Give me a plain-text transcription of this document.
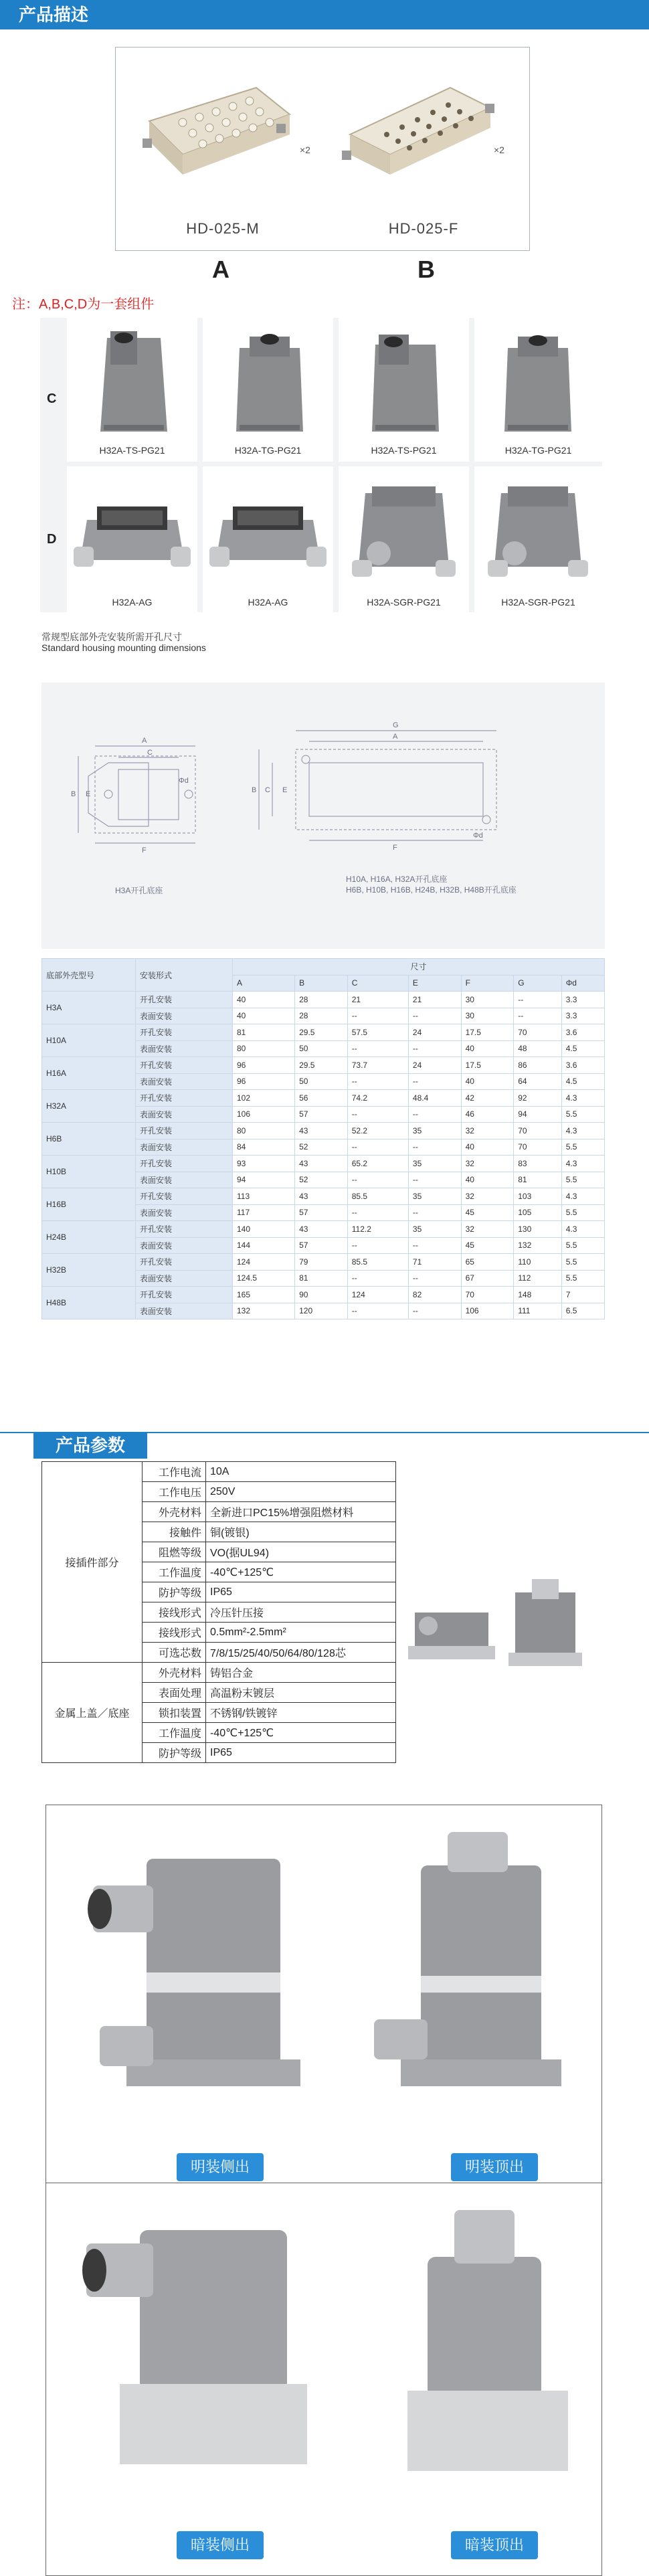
产品描述
×2	×2
HD-025-M	HD-025-F
A	B
注：A,B,C,D为一套组件
C
D
H32A-TS-PG21	H32A-TG-PG21	H32A-TS-PG21	H32A-TG-PG21
H32A-AG	H32A-AG	H32A-SGR-PG21	H32A-SGR-PG21
常规型底部外壳安装所需开孔尺寸
Standard housing mounting dimensions
A
C
B
F
E
Φd
H3A开孔底座
G
A
B C E
F
Φd
H10A, H16A, H32A开孔底座
H6B, H10B, H16B, H24B, H32B, H48B开孔底座
底部外壳型号	安装形式	尺寸						
		A	B	C	E	F	G	Φd
H3A	开孔安装	40	28	21	21	30	--	3.3
	表面安装	40	28	--	--	30	--	3.3
H10A	开孔安装	81	29.5	57.5	24	17.5	70	3.6
	表面安装	80	50	--	--	40	48	4.5
H16A	开孔安装	96	29.5	73.7	24	17.5	86	3.6
	表面安装	96	50	--	--	40	64	4.5
H32A	开孔安装	102	56	74.2	48.4	42	92	4.3
	表面安装	106	57	--	--	46	94	5.5
H6B	开孔安装	80	43	52.2	35	32	70	4.3
	表面安装	84	52	--	--	40	70	5.5
H10B	开孔安装	93	43	65.2	35	32	83	4.3
	表面安装	94	52	--	--	40	81	5.5
H16B	开孔安装	113	43	85.5	35	32	103	4.3
	表面安装	117	57	--	--	45	105	5.5
H24B	开孔安装	140	43	112.2	35	32	130	4.3
	表面安装	144	57	--	--	45	132	5.5
H32B	开孔安装	124	79	85.5	71	65	110	5.5
	表面安装	124.5	81	--	--	67	112	5.5
H48B	开孔安装	165	90	124	82	70	148	7
	表面安装	132	120	--	--	106	111	6.5
产品参数
接插件部分	工作电流	10A
	工作电压	250V
	外壳材料	全新进口PC15%增强阻燃材料
	接触件	铜(镀银)
	阻燃等级	VO(据UL94)
	工作温度	-40℃+125℃
	防护等级	IP65
	接线形式	冷压针压接
	接线形式	0.5mm²-2.5mm²
	可选芯数	7/8/15/25/40/50/64/80/128芯
金属上盖／底座	外壳材料	铸铝合金
	表面处理	高温粉末镀层
	锁扣装置	不锈钢/铁镀锌
	工作温度	-40℃+125℃
	防护等级	IP65
明装侧出	明装顶出
暗装侧出	暗装顶出
